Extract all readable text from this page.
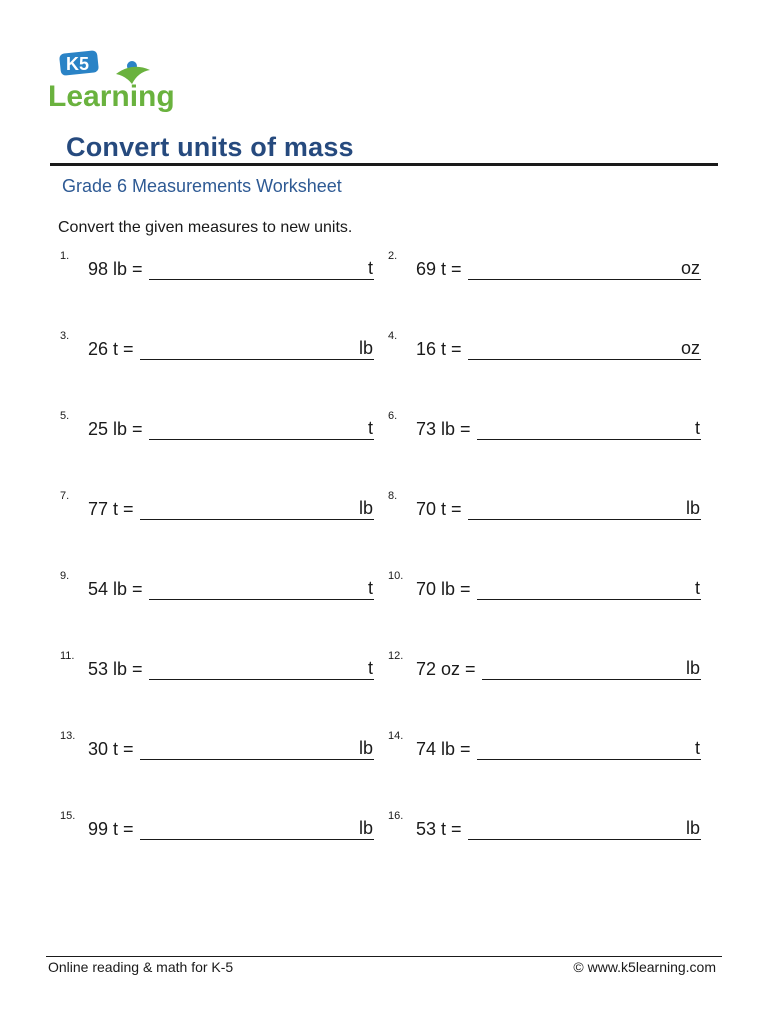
K5
Learning
Convert units of mass
Grade 6 Measurements Worksheet
Convert the given measures to new units.
1.
98 lb =	t
2.
69 t =	oz
3.
26 t =	lb
4.
16 t =	oz
5.
25 lb =	t
6.
73 lb =	t
7.
77 t =	lb
8.
70 t =	lb
9.
54 lb =	t
10.
70 lb =	t
11.
53 lb =	t
12.
72 oz =	lb
13.
30 t =	lb
14.
74 lb =	t
15.
99 t =	lb
16.
53 t =	lb
Online reading & math for K-5	© www.k5learning.com
